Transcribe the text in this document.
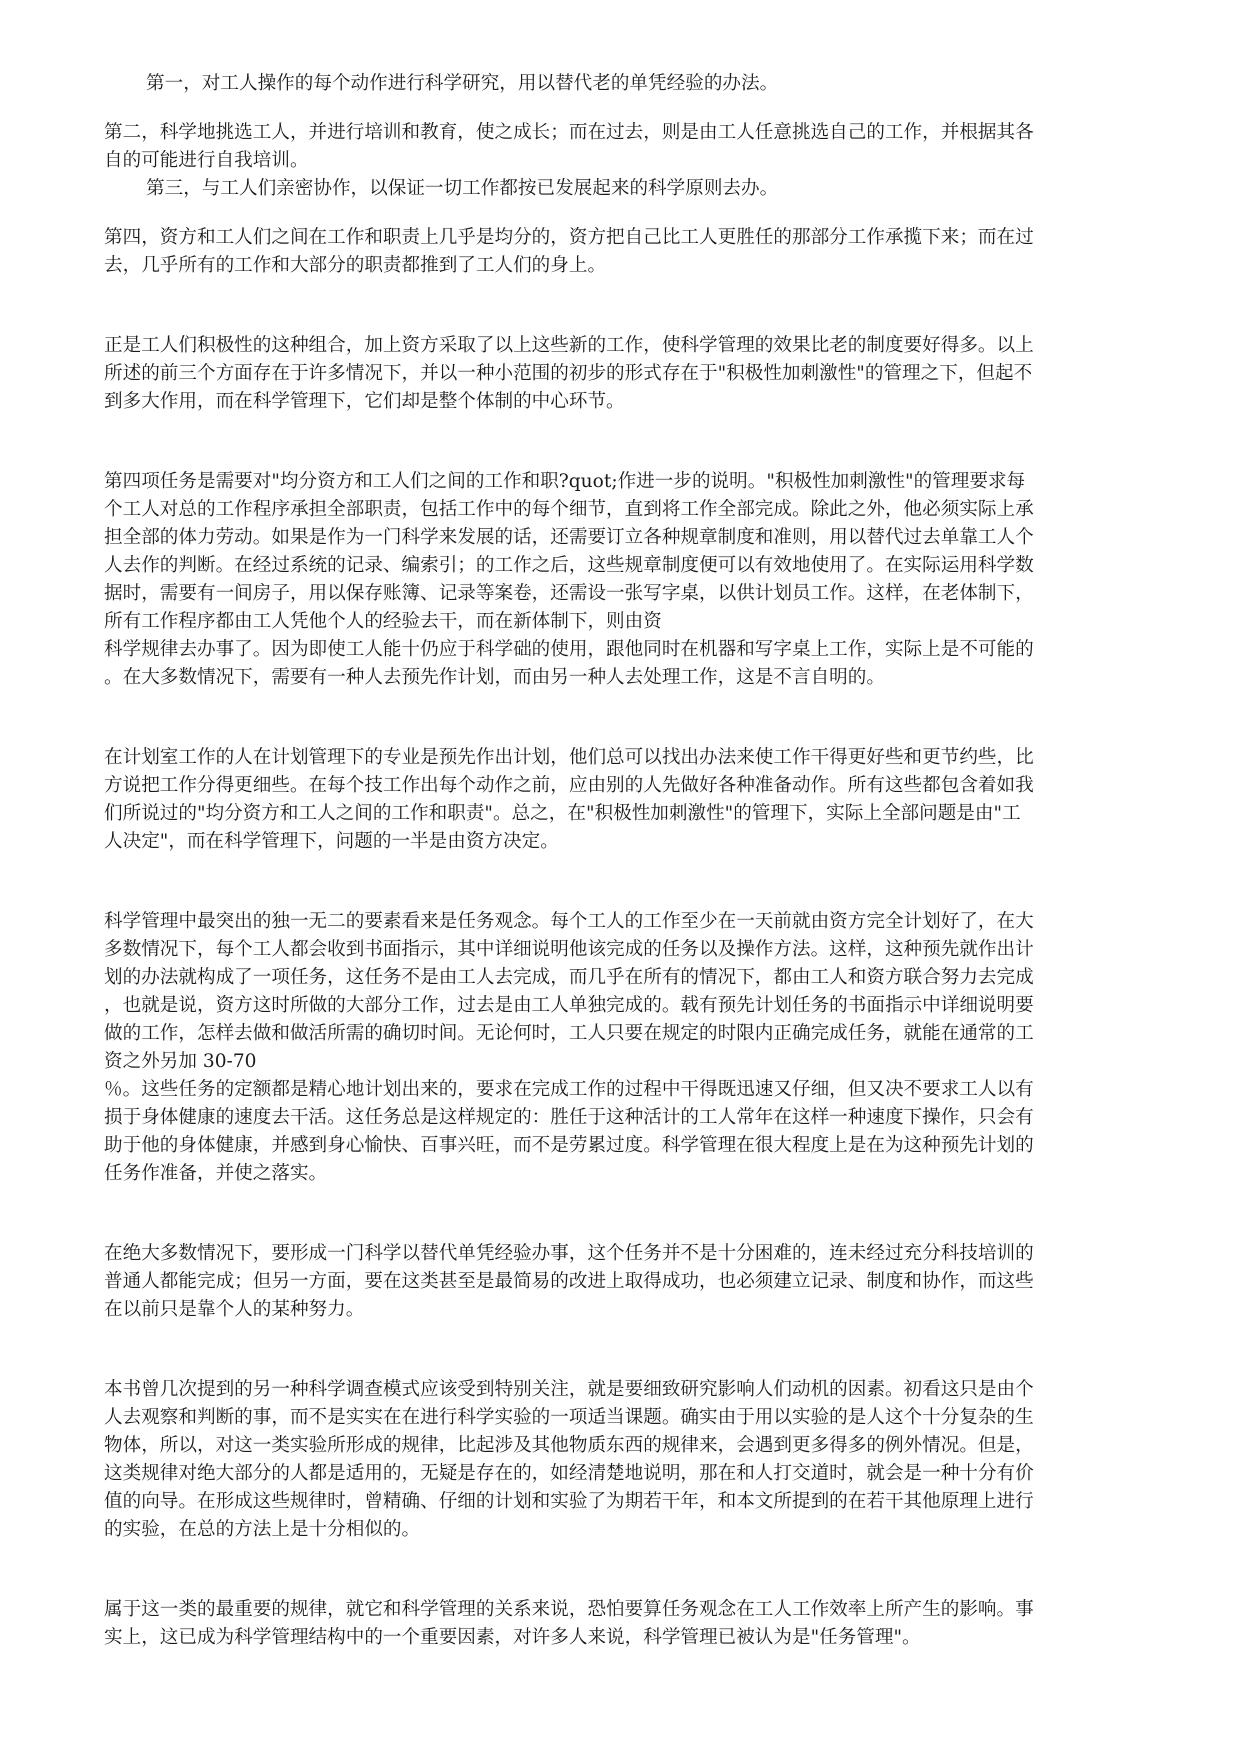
第一，对工人操作的每个动作进行科学研究，用以替代老的单凭经验的办法。

第二，科学地挑选工人，并进行培训和教育，使之成长；而在过去，则是由工人任意挑选自己的工作，并根据其各
自的可能进行自我培训。

第三，与工人们亲密协作，以保证一切工作都按已发展起来的科学原则去办。

第四，资方和工人们之间在工作和职责上几乎是均分的，资方把自己比工人更胜任的那部分工作承揽下来；而在过
去，几乎所有的工作和大部分的职责都推到了工人们的身上。

正是工人们积极性的这种组合，加上资方采取了以上这些新的工作，使科学管理的效果比老的制度要好得多。以上
所述的前三个方面存在于许多情况下，并以一种小范围的初步的形式存在于"积极性加刺激性"的管理之下，但起不
到多大作用，而在科学管理下，它们却是整个体制的中心环节。

第四项任务是需要对"均分资方和工人们之间的工作和职?quot;作进一步的说明。"积极性加刺激性"的管理要求每
个工人对总的工作程序承担全部职责，包括工作中的每个细节，直到将工作全部完成。除此之外，他必须实际上承
担全部的体力劳动。如果是作为一门科学来发展的话，还需要订立各种规章制度和准则，用以替代过去单靠工人个
人去作的判断。在经过系统的记录、编索引；的工作之后，这些规章制度便可以有效地使用了。在实际运用科学数
据时，需要有一间房子，用以保存账簿、记录等案卷，还需设一张写字桌，以供计划员工作。这样，在老体制下，
所有工作程序都由工人凭他个人的经验去干，而在新体制下，则由资
科学规律去办事了。因为即使工人能十仍应于科学础的使用，跟他同时在机器和写字桌上工作，实际上是不可能的
。在大多数情况下，需要有一种人去预先作计划，而由另一种人去处理工作，这是不言自明的。

在计划室工作的人在计划管理下的专业是预先作出计划，他们总可以找出办法来使工作干得更好些和更节约些，比
方说把工作分得更细些。在每个技工作出每个动作之前，应由别的人先做好各种准备动作。所有这些都包含着如我
们所说过的"均分资方和工人之间的工作和职责"。总之，在"积极性加刺激性"的管理下，实际上全部问题是由"工
人决定"，而在科学管理下，问题的一半是由资方决定。

科学管理中最突出的独一无二的要素看来是任务观念。每个工人的工作至少在一天前就由资方完全计划好了，在大
多数情况下，每个工人都会收到书面指示，其中详细说明他该完成的任务以及操作方法。这样，这种预先就作出计
划的办法就构成了一项任务，这任务不是由工人去完成，而几乎在所有的情况下，都由工人和资方联合努力去完成
，也就是说，资方这时所做的大部分工作，过去是由工人单独完成的。载有预先计划任务的书面指示中详细说明要
做的工作，怎样去做和做活所需的确切时间。无论何时，工人只要在规定的时限内正确完成任务，就能在通常的工
资之外另加 30-70
％。这些任务的定额都是精心地计划出来的，要求在完成工作的过程中干得既迅速又仔细，但又决不要求工人以有
损于身体健康的速度去干活。这任务总是这样规定的：胜任于这种活计的工人常年在这样一种速度下操作，只会有
助于他的身体健康，并感到身心愉快、百事兴旺，而不是劳累过度。科学管理在很大程度上是在为这种预先计划的
任务作准备，并使之落实。

在绝大多数情况下，要形成一门科学以替代单凭经验办事，这个任务并不是十分困难的，连未经过充分科技培训的
普通人都能完成；但另一方面，要在这类甚至是最简易的改进上取得成功，也必须建立记录、制度和协作，而这些
在以前只是靠个人的某种努力。

本书曾几次提到的另一种科学调查模式应该受到特别关注，就是要细致研究影响人们动机的因素。初看这只是由个
人去观察和判断的事，而不是实实在在进行科学实验的一项适当课题。确实由于用以实验的是人这个十分复杂的生
物体，所以，对这一类实验所形成的规律，比起涉及其他物质东西的规律来，会遇到更多得多的例外情况。但是，
这类规律对绝大部分的人都是适用的，无疑是存在的，如经清楚地说明，那在和人打交道时，就会是一种十分有价
值的向导。在形成这些规律时，曾精确、仔细的计划和实验了为期若干年，和本文所提到的在若干其他原理上进行
的实验，在总的方法上是十分相似的。

属于这一类的最重要的规律，就它和科学管理的关系来说，恐怕要算任务观念在工人工作效率上所产生的影响。事
实上，这已成为科学管理结构中的一个重要因素，对许多人来说，科学管理已被认为是"任务管理"。
